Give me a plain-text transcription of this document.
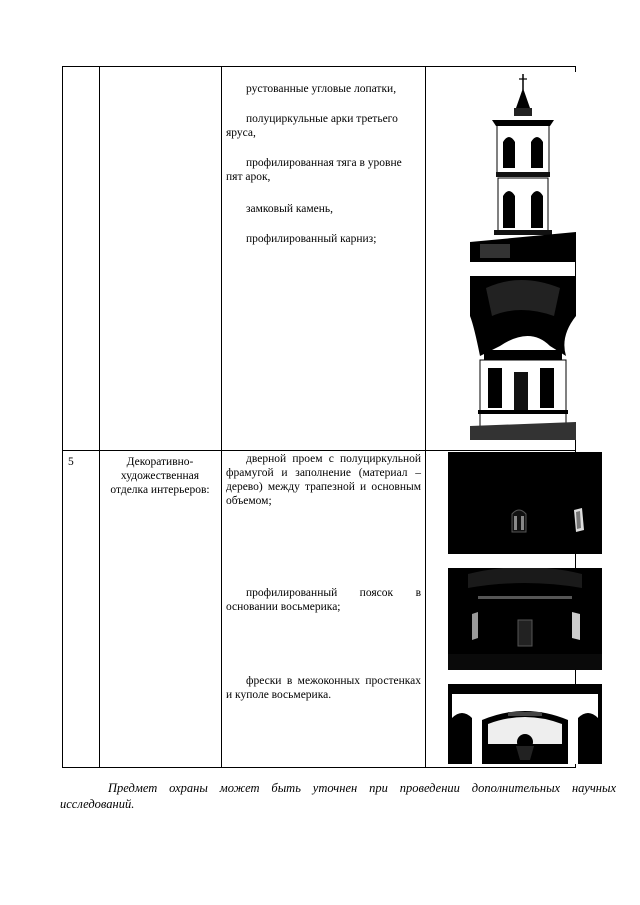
рустованные угловые лопатки,

полуциркульные арки третьего яруса,

профилированная тяга в уровне пят арок,

замковый камень,

профилированный карниз;

5	Декоративно-художественная отделка интерьеров:

дверной проем с полуциркульной фрамугой и заполнение (материал – дерево) между трапезной и основным объемом;

профилированный поясок в основании восьмерика;

фрески в межоконных простенках и куполе восьмерика.

Предмет охраны может быть уточнен при проведении дополнительных научных исследований.
